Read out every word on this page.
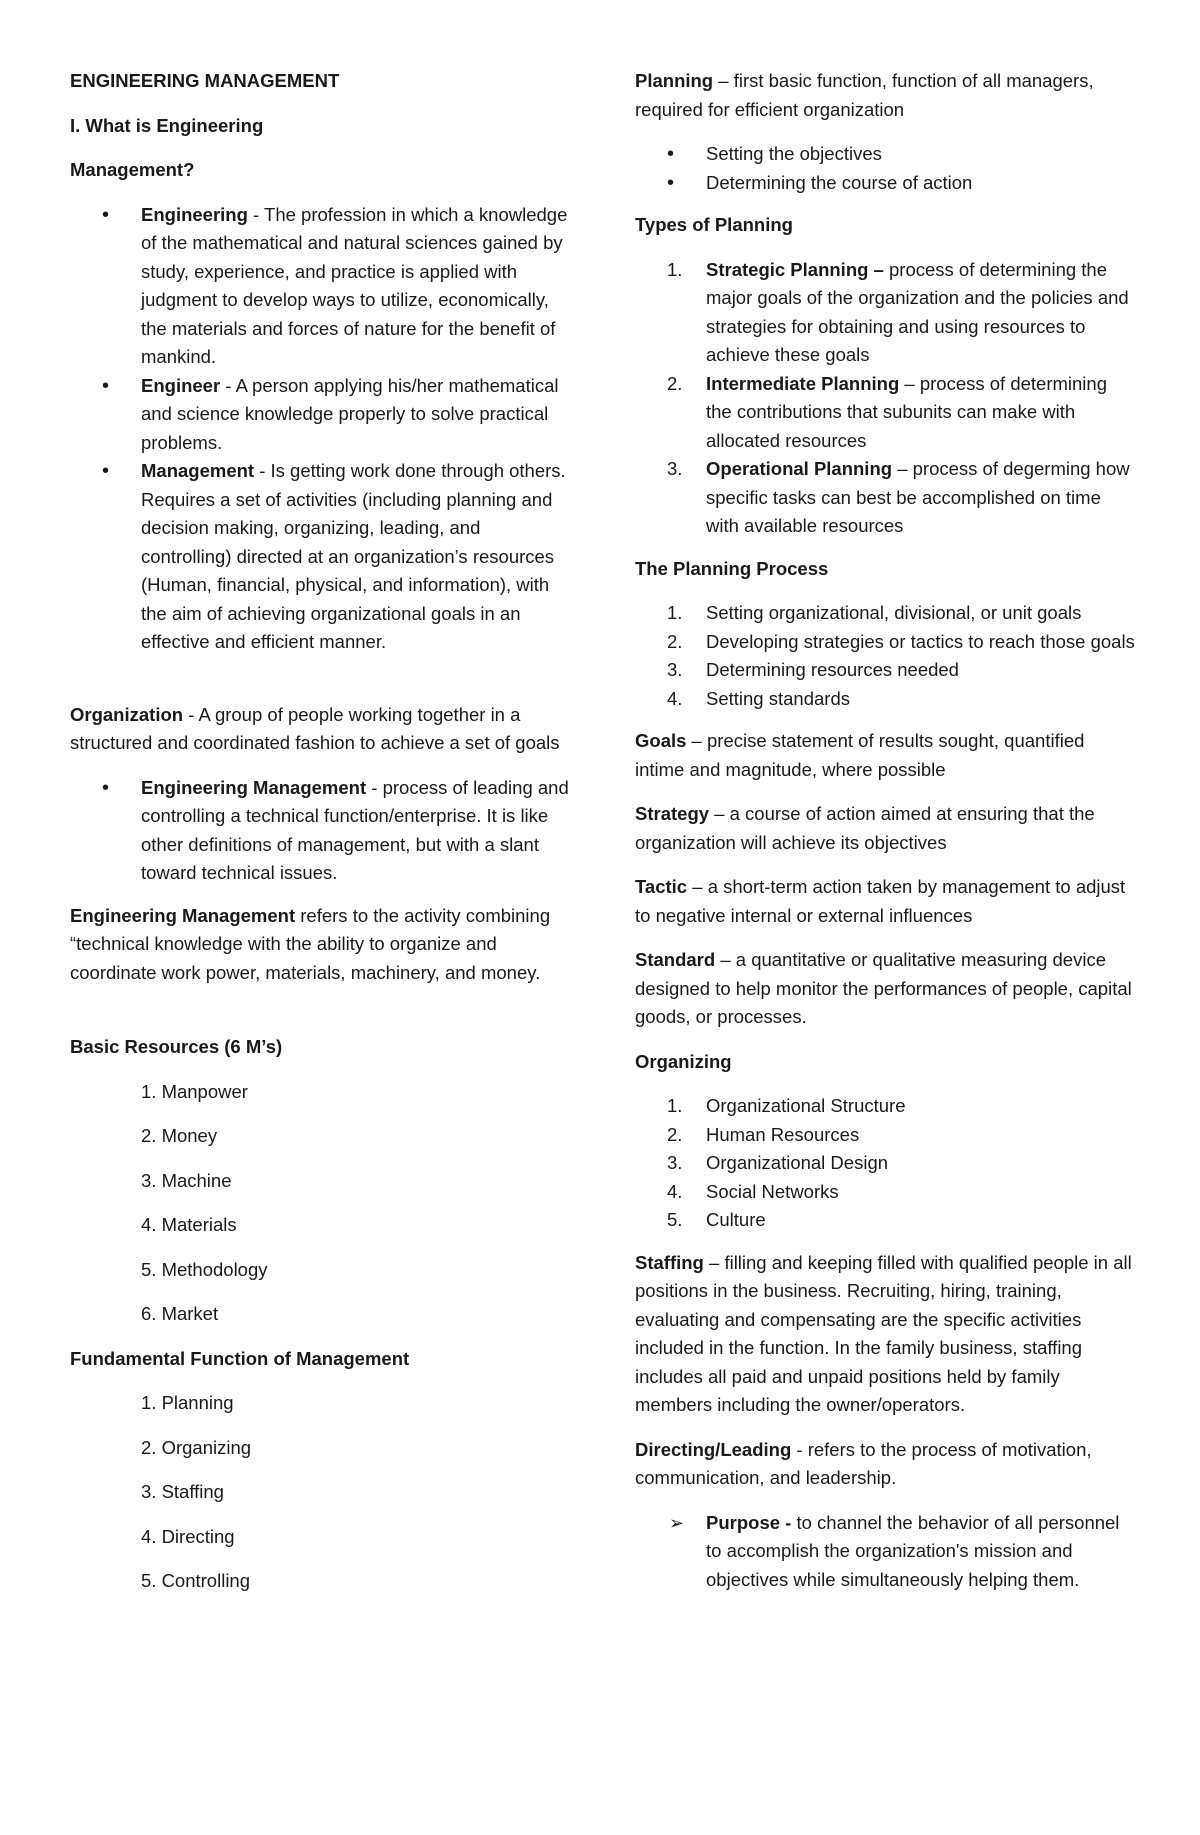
ENGINEERING MANAGEMENT

I. What is Engineering

Management?

• Engineering - The profession in which a knowledge of the mathematical and natural sciences gained by study, experience, and practice is applied with judgment to develop ways to utilize, economically, the materials and forces of nature for the benefit of mankind.
• Engineer - A person applying his/her mathematical and science knowledge properly to solve practical problems.
• Management - Is getting work done through others. Requires a set of activities (including planning and decision making, organizing, leading, and controlling) directed at an organization’s resources (Human, financial, physical, and information), with the aim of achieving organizational goals in an effective and efficient manner.

Organization - A group of people working together in a structured and coordinated fashion to achieve a set of goals

• Engineering Management - process of leading and controlling a technical function/enterprise. It is like other definitions of management, but with a slant toward technical issues.

Engineering Management refers to the activity combining “technical knowledge with the ability to organize and coordinate work power, materials, machinery, and money.

Basic Resources (6 M’s)

1. Manpower

2. Money

3. Machine

4. Materials

5. Methodology

6. Market

Fundamental Function of Management

1. Planning

2. Organizing

3. Staffing

4. Directing

5. Controlling

Planning – first basic function, function of all managers, required for efficient organization

• Setting the objectives
• Determining the course of action

Types of Planning

1. Strategic Planning – process of determining the major goals of the organization and the policies and strategies for obtaining and using resources to achieve these goals
2. Intermediate Planning – process of determining the contributions that subunits can make with allocated resources
3. Operational Planning – process of degerming how specific tasks can best be accomplished on time with available resources

The Planning Process

1. Setting organizational, divisional, or unit goals
2. Developing strategies or tactics to reach those goals
3. Determining resources needed
4. Setting standards

Goals – precise statement of results sought, quantified intime and magnitude, where possible

Strategy – a course of action aimed at ensuring that the organization will achieve its objectives

Tactic – a short-term action taken by management to adjust to negative internal or external influences

Standard – a quantitative or qualitative measuring device designed to help monitor the performances of people, capital goods, or processes.

Organizing

1. Organizational Structure
2. Human Resources
3. Organizational Design
4. Social Networks
5. Culture

Staffing – filling and keeping filled with qualified people in all positions in the business. Recruiting, hiring, training, evaluating and compensating are the specific activities included in the function. In the family business, staffing includes all paid and unpaid positions held by family members including the owner/operators.

Directing/Leading - refers to the process of motivation, communication, and leadership.

➢ Purpose - to channel the behavior of all personnel to accomplish the organization's mission and objectives while simultaneously helping them.
